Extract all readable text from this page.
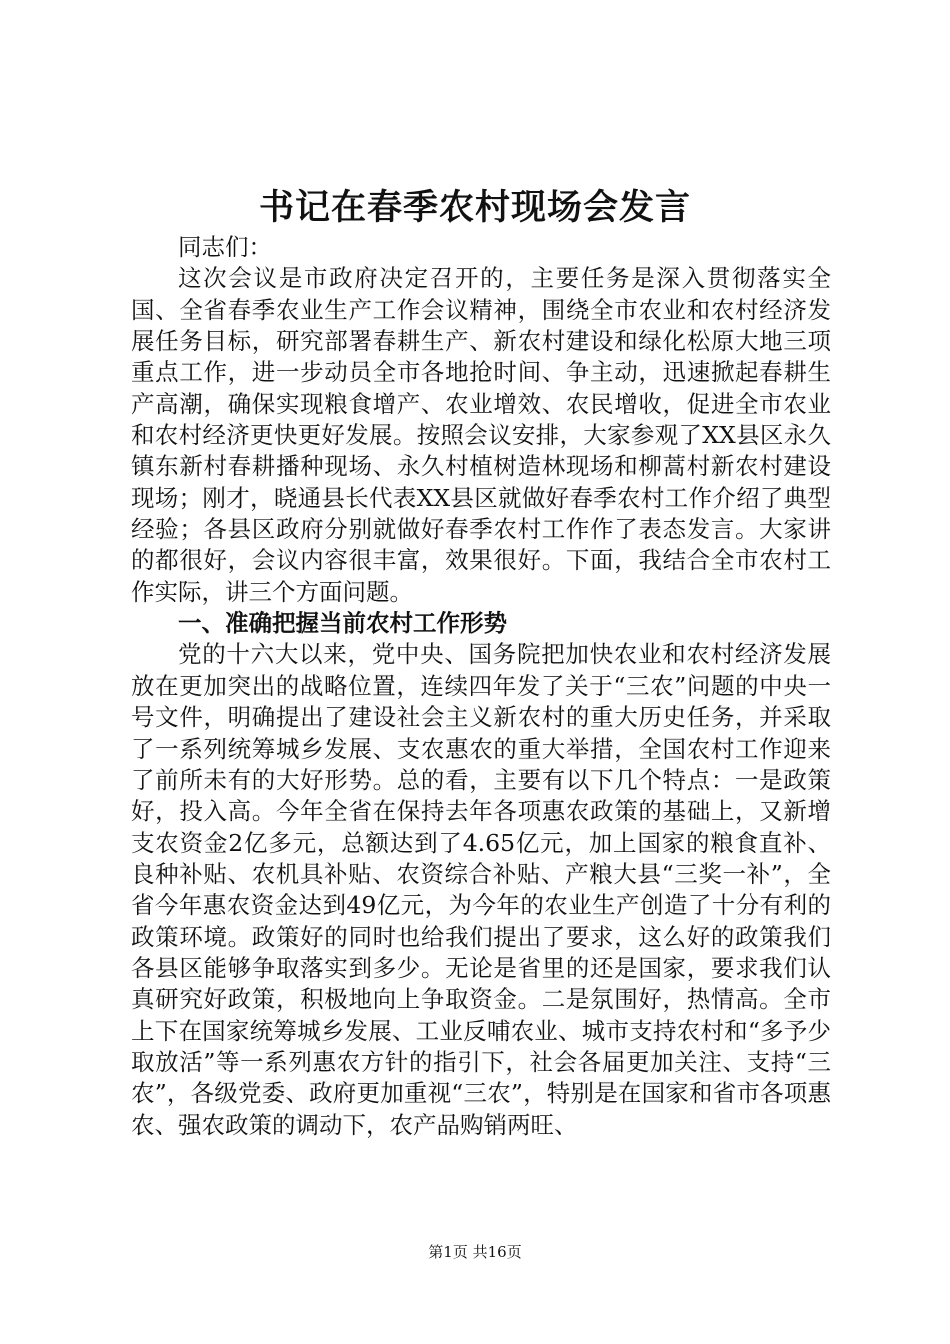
书记在春季农村现场会发言

同志们：

这次会议是市政府决定召开的，主要任务是深入贯彻落实全国、全省春季农业生产工作会议精神，围绕全市农业和农村经济发展任务目标，研究部署春耕生产、新农村建设和绿化松原大地三项重点工作，进一步动员全市各地抢时间、争主动，迅速掀起春耕生产高潮，确保实现粮食增产、农业增效、农民增收，促进全市农业和农村经济更快更好发展。按照会议安排，大家参观了XX县区永久镇东新村春耕播种现场、永久村植树造林现场和柳蒿村新农村建设现场；刚才，晓通县长代表XX县区就做好春季农村工作介绍了典型经验；各县区政府分别就做好春季农村工作作了表态发言。大家讲的都很好，会议内容很丰富，效果很好。下面，我结合全市农村工作实际，讲三个方面问题。

一、准确把握当前农村工作形势

党的十六大以来，党中央、国务院把加快农业和农村经济发展放在更加突出的战略位置，连续四年发了关于“三农”问题的中央一号文件，明确提出了建设社会主义新农村的重大历史任务，并采取了一系列统筹城乡发展、支农惠农的重大举措，全国农村工作迎来了前所未有的大好形势。总的看，主要有以下几个特点：一是政策好，投入高。今年全省在保持去年各项惠农政策的基础上，又新增支农资金2亿多元，总额达到了4.65亿元，加上国家的粮食直补、良种补贴、农机具补贴、农资综合补贴、产粮大县“三奖一补”，全省今年惠农资金达到49亿元，为今年的农业生产创造了十分有利的政策环境。政策好的同时也给我们提出了要求，这么好的政策我们各县区能够争取落实到多少。无论是省里的还是国家，要求我们认真研究好政策，积极地向上争取资金。二是氛围好，热情高。全市上下在国家统筹城乡发展、工业反哺农业、城市支持农村和“多予少取放活”等一系列惠农方针的指引下，社会各届更加关注、支持“三农”，各级党委、政府更加重视“三农”，特别是在国家和省市各项惠农、强农政策的调动下，农产品购销两旺、

第1页 共16页
